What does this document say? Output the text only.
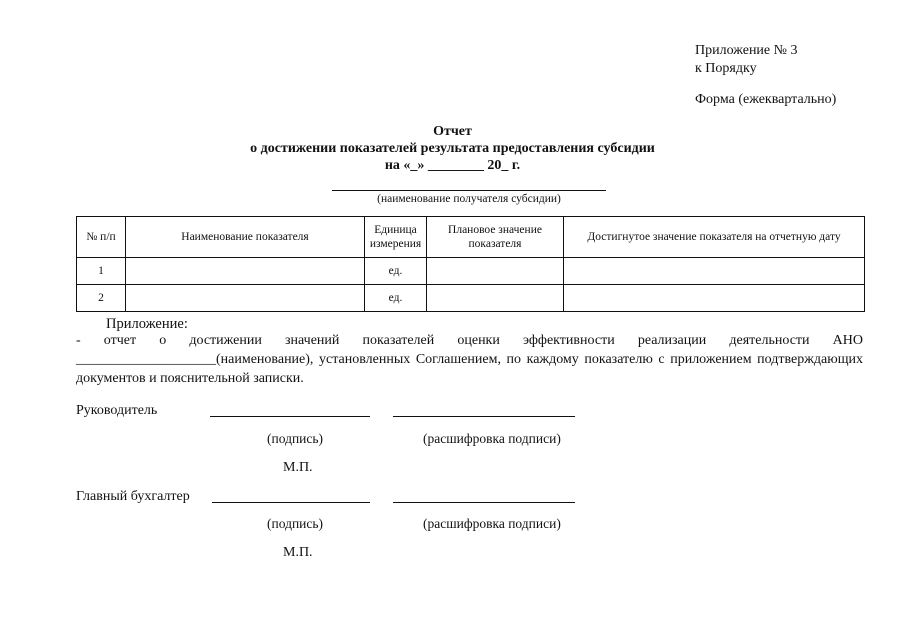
Приложение № 3
к Порядку
Форма (ежеквартально)
Отчет
о достижении показателей результата предоставления субсидии
на «_» ________ 20_ г.
(наименование получателя субсидии)
№ п/п	Наименование показателя	Единица измерения	Плановое значение показателя	Достигнутое значение показателя на отчетную дату
1		ед.		
2		ед.		
Приложение:
- отчет о достижении значений показателей оценки эффективности реализации деятельности АНО ____________________(наименование), установленных Соглашением, по каждому показателю с приложением подтверждающих документов и пояснительной записки.
Руководитель
(подпись)	(расшифровка подписи)
М.П.
Главный бухгалтер
(подпись)	(расшифровка подписи)
М.П.
